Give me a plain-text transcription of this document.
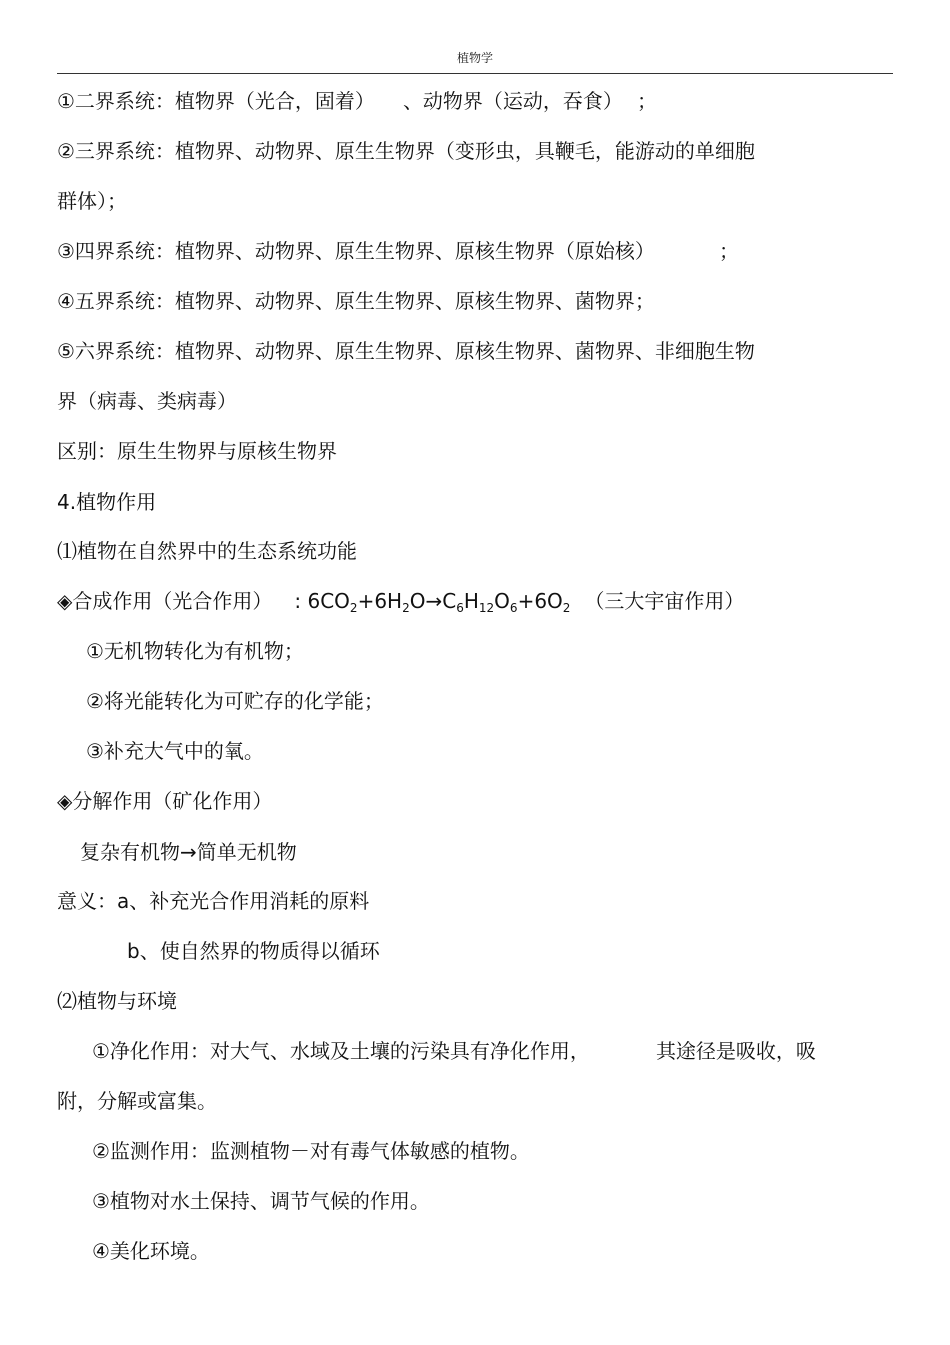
植物学
①二界系统：植物界（光合，固着） 、动物界（运动，吞食） ；
②三界系统：植物界、动物界、原生生物界（变形虫，具鞭毛，能游动的单细胞
群体）；
③四界系统：植物界、动物界、原生生物界、原核生物界（原始核）	；
④五界系统：植物界、动物界、原生生物界、原核生物界、菌物界；
⑤六界系统：植物界、动物界、原生生物界、原核生物界、菌物界、非细胞生物
界（病毒、类病毒）
区别：原生生物界与原核生物界
4.植物作用
⑴植物在自然界中的生态系统功能
◈合成作用（光合作用） : $6CO_2+6H_2O\to C_6H_{12}O_6+6O_2$ （三大宇宙作用）
①无机物转化为有机物；
②将光能转化为可贮存的化学能；
③补充大气中的氧。
◈分解作用（矿化作用）
复杂有机物→简单无机物
意义：a、补充光合作用消耗的原料
b、使自然界的物质得以循环
⑵植物与环境
①净化作用：对大气、水域及土壤的污染具有净化作用，	其途径是吸收，吸
附，分解或富集。
②监测作用：监测植物－对有毒气体敏感的植物。
③植物对水土保持、调节气候的作用。
④美化环境。
